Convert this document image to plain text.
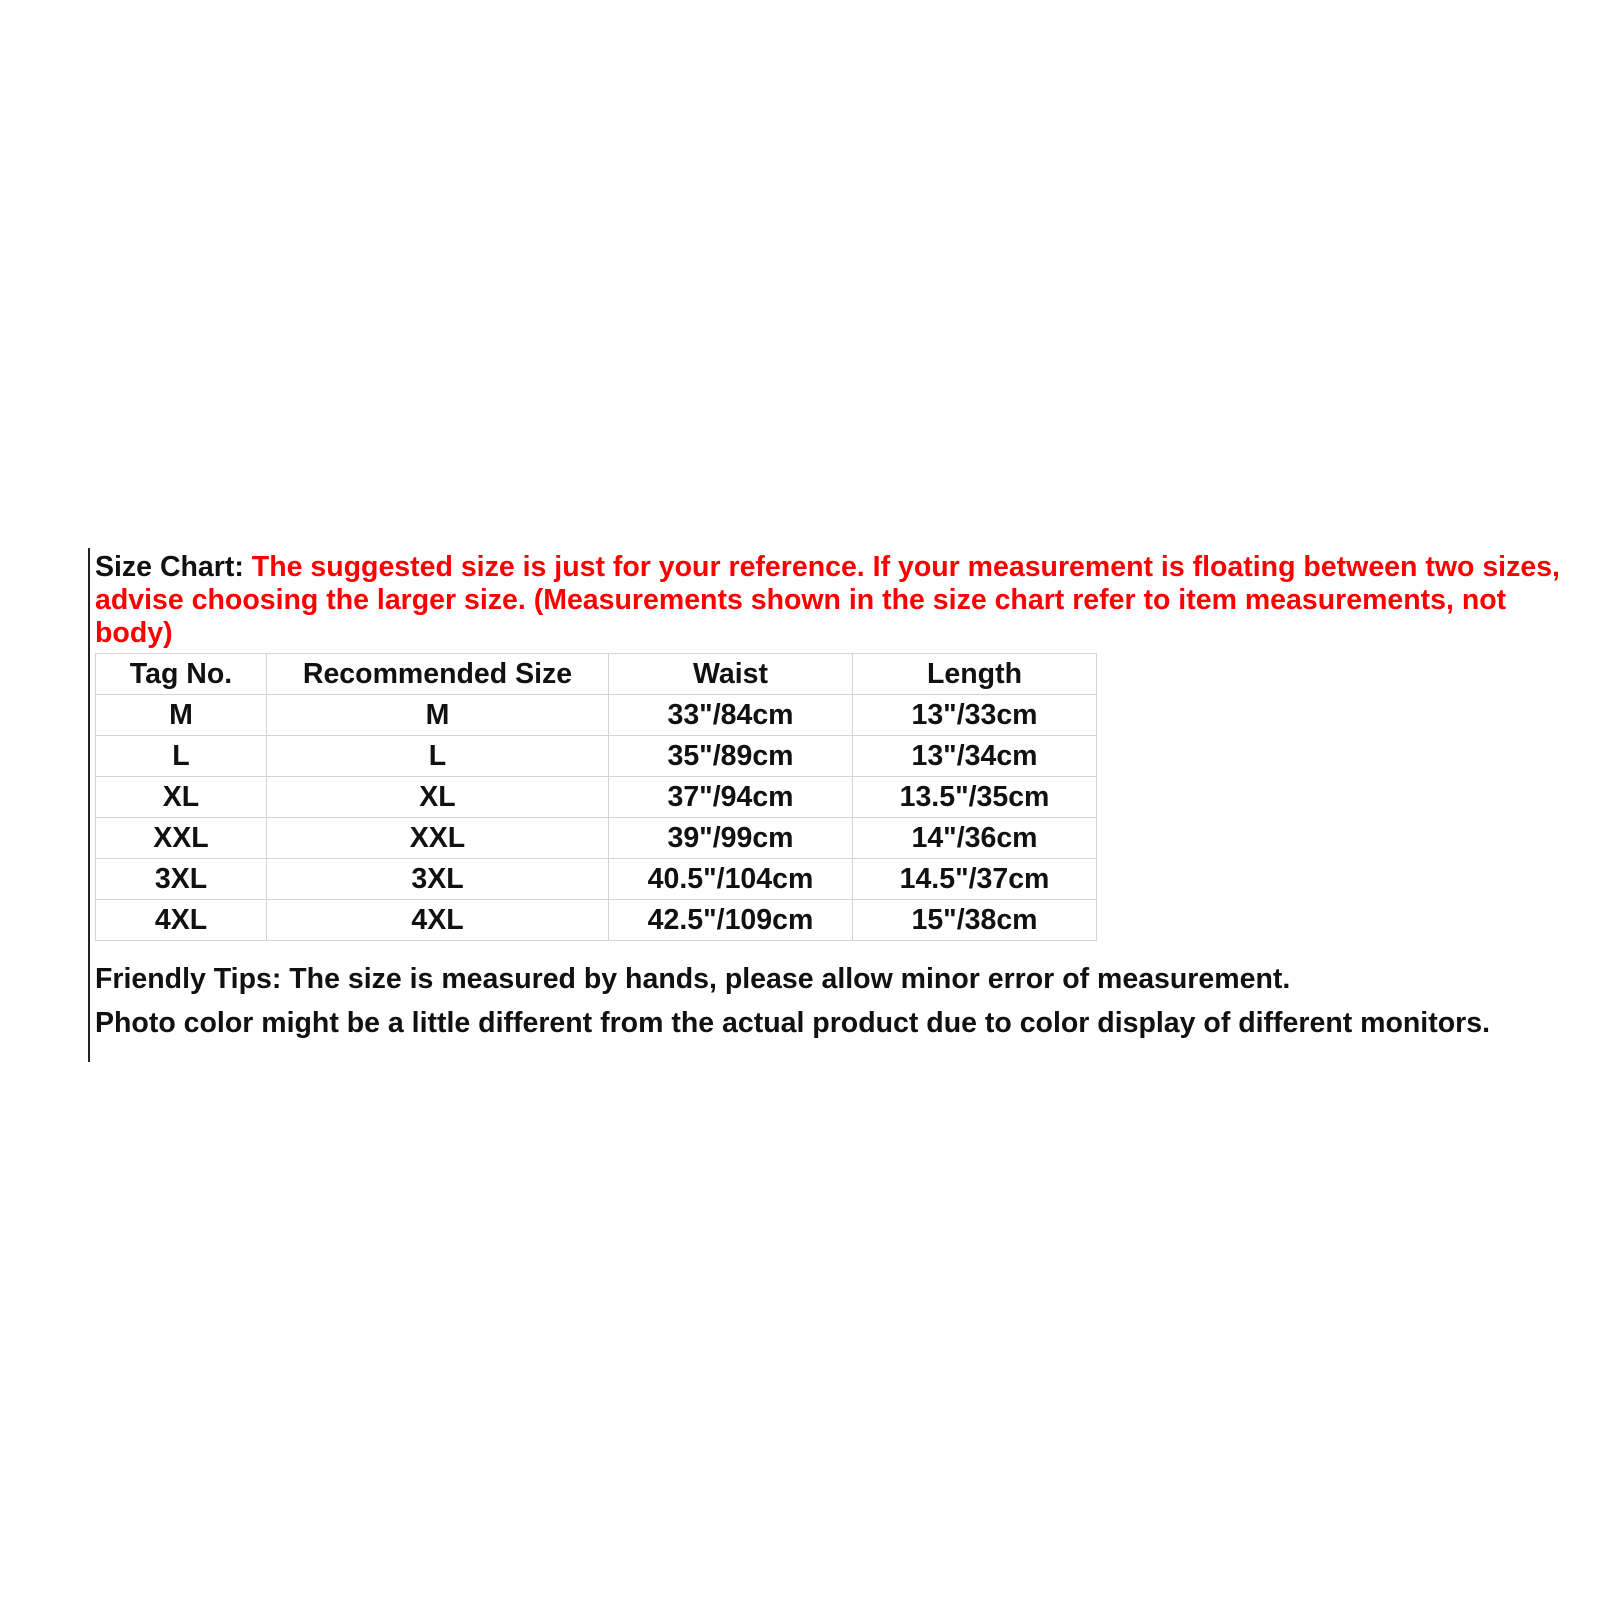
Size Chart: The suggested size is just for your reference. If your measurement is floating between two sizes, advise choosing the larger size. (Measurements shown in the size chart refer to item measurements, not body)

Tag No.	Recommended Size	Waist	Length
M	M	33"/84cm	13"/33cm
L	L	35"/89cm	13"/34cm
XL	XL	37"/94cm	13.5"/35cm
XXL	XXL	39"/99cm	14"/36cm
3XL	3XL	40.5"/104cm	14.5"/37cm
4XL	4XL	42.5"/109cm	15"/38cm

Friendly Tips: The size is measured by hands, please allow minor error of measurement.

Photo color might be a little different from the actual product due to color display of different monitors.
